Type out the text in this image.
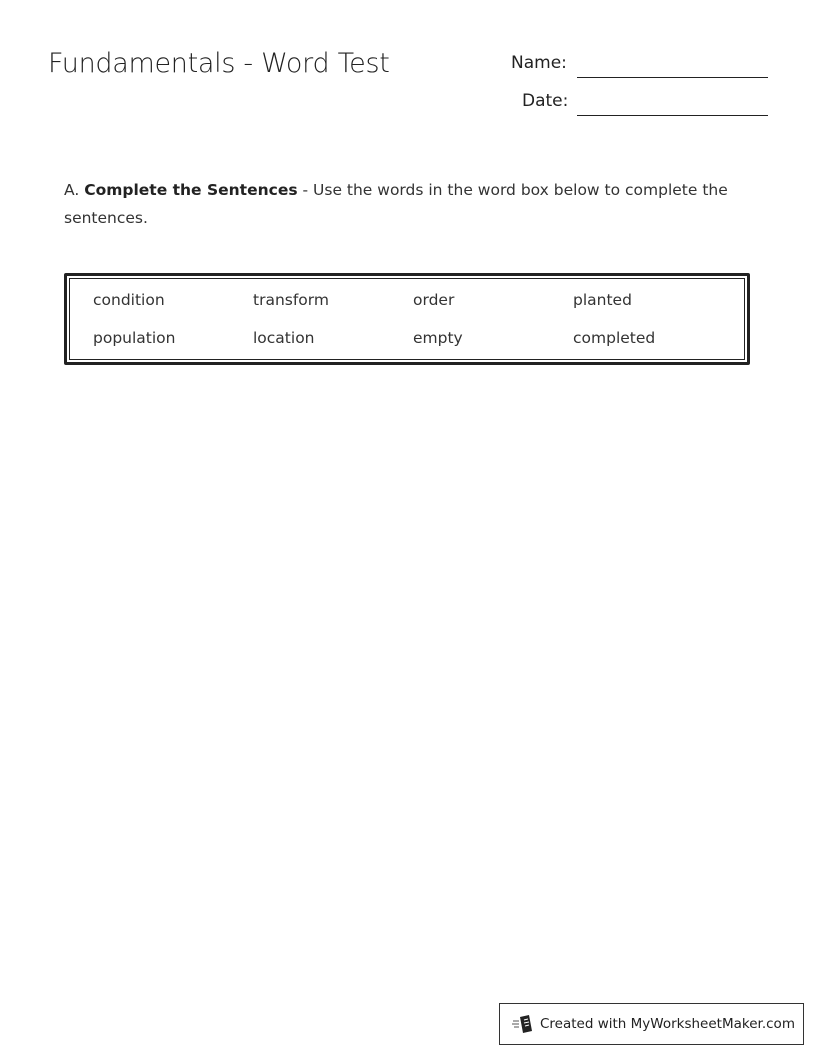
Fundamentals - Word Test	Name:
Date:
A. Complete the Sentences - Use the words in the word box below to complete the sentences.
condition	transform	order	planted
population	location	empty	completed
Created with MyWorksheetMaker.com
